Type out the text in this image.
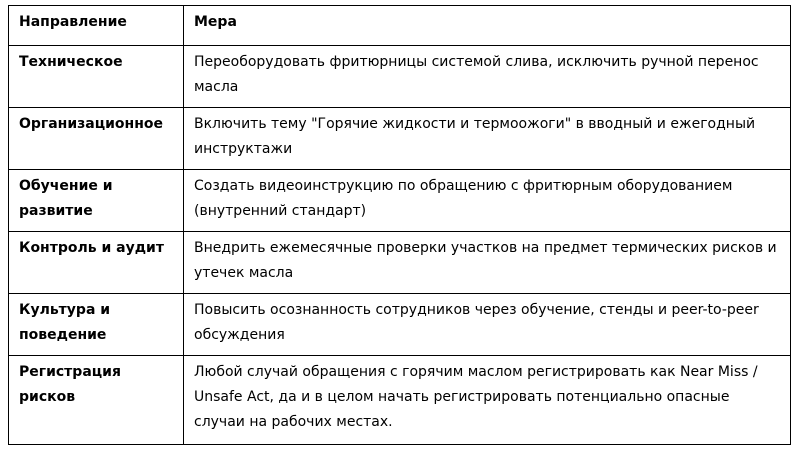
Направление	Мера
Техническое	Переоборудовать фритюрницы системой слива, исключить ручной перенос масла
Организационное	Включить тему "Горячие жидкости и термоожоги" в вводный и ежегодный инструктажи
Обучение и развитие	Создать видеоинструкцию по обращению с фритюрным оборудованием (внутренний стандарт)
Контроль и аудит	Внедрить ежемесячные проверки участков на предмет термических рисков и утечек масла
Культура и поведение	Повысить осознанность сотрудников через обучение, стенды и peer-to-peer обсуждения
Регистрация рисков	Любой случай обращения с горячим маслом регистрировать как Near Miss / Unsafe Act, да и в целом начать регистрировать потенциально опасные случаи на рабочих местах.
